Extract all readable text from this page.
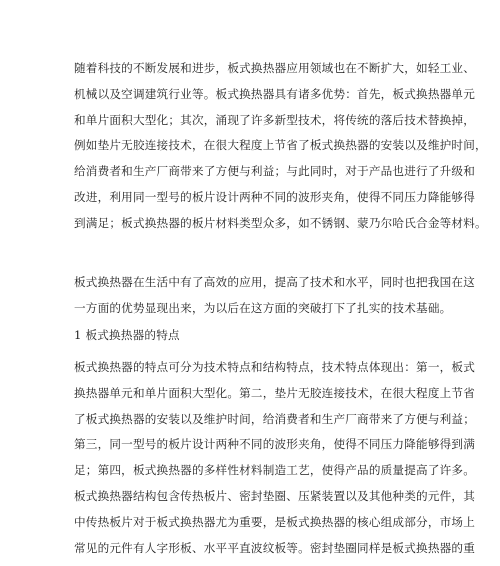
随着科技的不断发展和进步，板式换热器应用领域也在不断扩大，如轻工业、
机械以及空调建筑行业等。板式换热器具有诸多优势：首先，板式换热器单元
和单片面积大型化；其次，涌现了许多新型技术，将传统的落后技术替换掉，
例如垫片无胶连接技术，在很大程度上节省了板式换热器的安装以及维护时间，
给消费者和生产厂商带来了方便与利益；与此同时，对于产品也进行了升级和
改进，利用同一型号的板片设计两种不同的波形夹角，使得不同压力降能够得
到满足；板式换热器的板片材料类型众多，如不锈钢、蒙乃尔哈氏合金等材料。
板式换热器在生活中有了高效的应用，提高了技术和水平，同时也把我国在这
一方面的优势显现出来，为以后在这方面的突破打下了扎实的技术基础。
1 板式换热器的特点
板式换热器的特点可分为技术特点和结构特点，技术特点体现出：第一，板式
换热器单元和单片面积大型化。第二，垫片无胶连接技术，在很大程度上节省
了板式换热器的安装以及维护时间，给消费者和生产厂商带来了方便与利益；
第三，同一型号的板片设计两种不同的波形夹角，使得不同压力降能够得到满
足；第四，板式换热器的多样性材料制造工艺，使得产品的质量提高了许多。
板式换热器结构包含传热板片、密封垫圈、压紧装置以及其他种类的元件，其
中传热板片对于板式换热器尤为重要，是板式换热器的核心组成部分，市场上
常见的元件有人字形板、水平平直波纹板等。密封垫圈同样是板式换热器的重
